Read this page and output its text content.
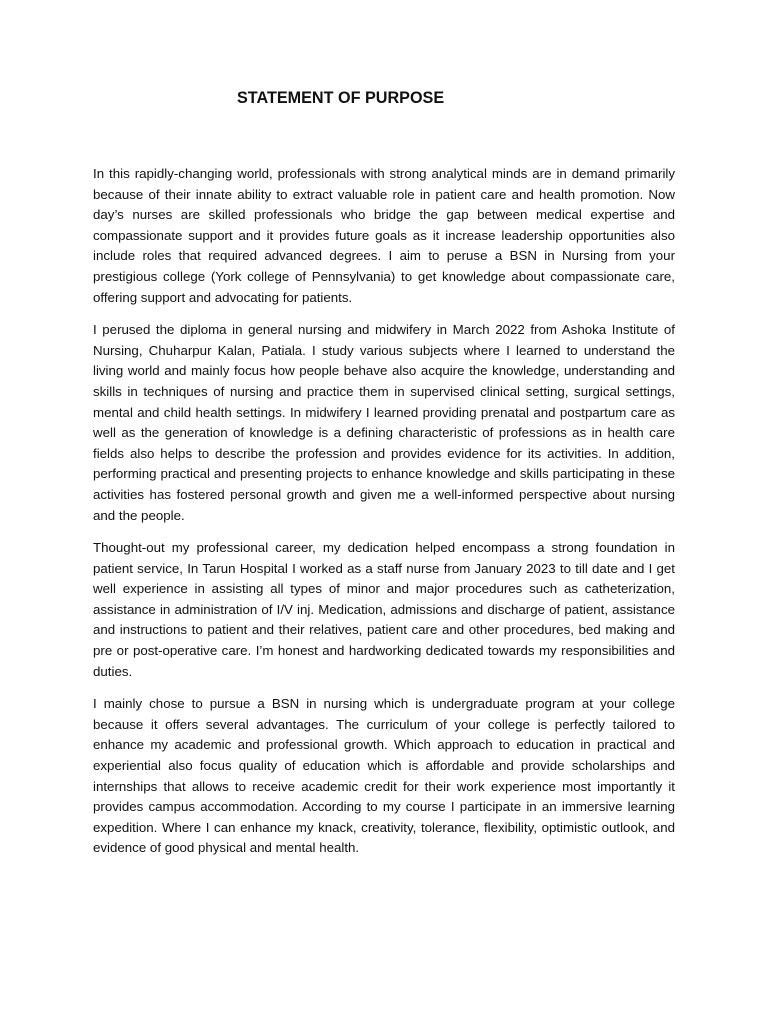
STATEMENT OF PURPOSE

In this rapidly-changing world, professionals with strong analytical minds are in demand primarily because of their innate ability to extract valuable role in patient care and health promotion. Now day’s nurses are skilled professionals who bridge the gap between medical expertise and compassionate support and it provides future goals as it increase leadership opportunities also include roles that required advanced degrees. I aim to peruse a BSN in Nursing from your prestigious college (York college of Pennsylvania) to get knowledge about compassionate care, offering support and advocating for patients.

I perused the diploma in general nursing and midwifery in March 2022 from Ashoka Institute of Nursing, Chuharpur Kalan, Patiala. I study various subjects where I learned to understand the living world and mainly focus how people behave also acquire the knowledge, understanding and skills in techniques of nursing and practice them in supervised clinical setting, surgical settings, mental and child health settings. In midwifery I learned providing prenatal and postpartum care as well as the generation of knowledge is a defining characteristic of professions as in health care fields also helps to describe the profession and provides evidence for its activities. In addition, performing practical and presenting projects to enhance knowledge and skills participating in these activities has fostered personal growth and given me a well-informed perspective about nursing and the people.

Thought-out my professional career, my dedication helped encompass a strong foundation in patient service, In Tarun Hospital I worked as a staff nurse from January 2023 to till date and I get well experience in assisting all types of minor and major procedures such as catheterization, assistance in administration of I/V inj. Medication, admissions and discharge of patient, assistance and instructions to patient and their relatives, patient care and other procedures, bed making and pre or post-operative care. I’m honest and hardworking dedicated towards my responsibilities and duties.

I mainly chose to pursue a BSN in nursing which is undergraduate program at your college because it offers several advantages. The curriculum of your college is perfectly tailored to enhance my academic and professional growth. Which approach to education in practical and experiential also focus quality of education which is affordable and provide scholarships and internships that allows to receive academic credit for their work experience most importantly it provides campus accommodation. According to my course I participate in an immersive learning expedition. Where I can enhance my knack, creativity, tolerance, flexibility, optimistic outlook, and evidence of good physical and mental health.
